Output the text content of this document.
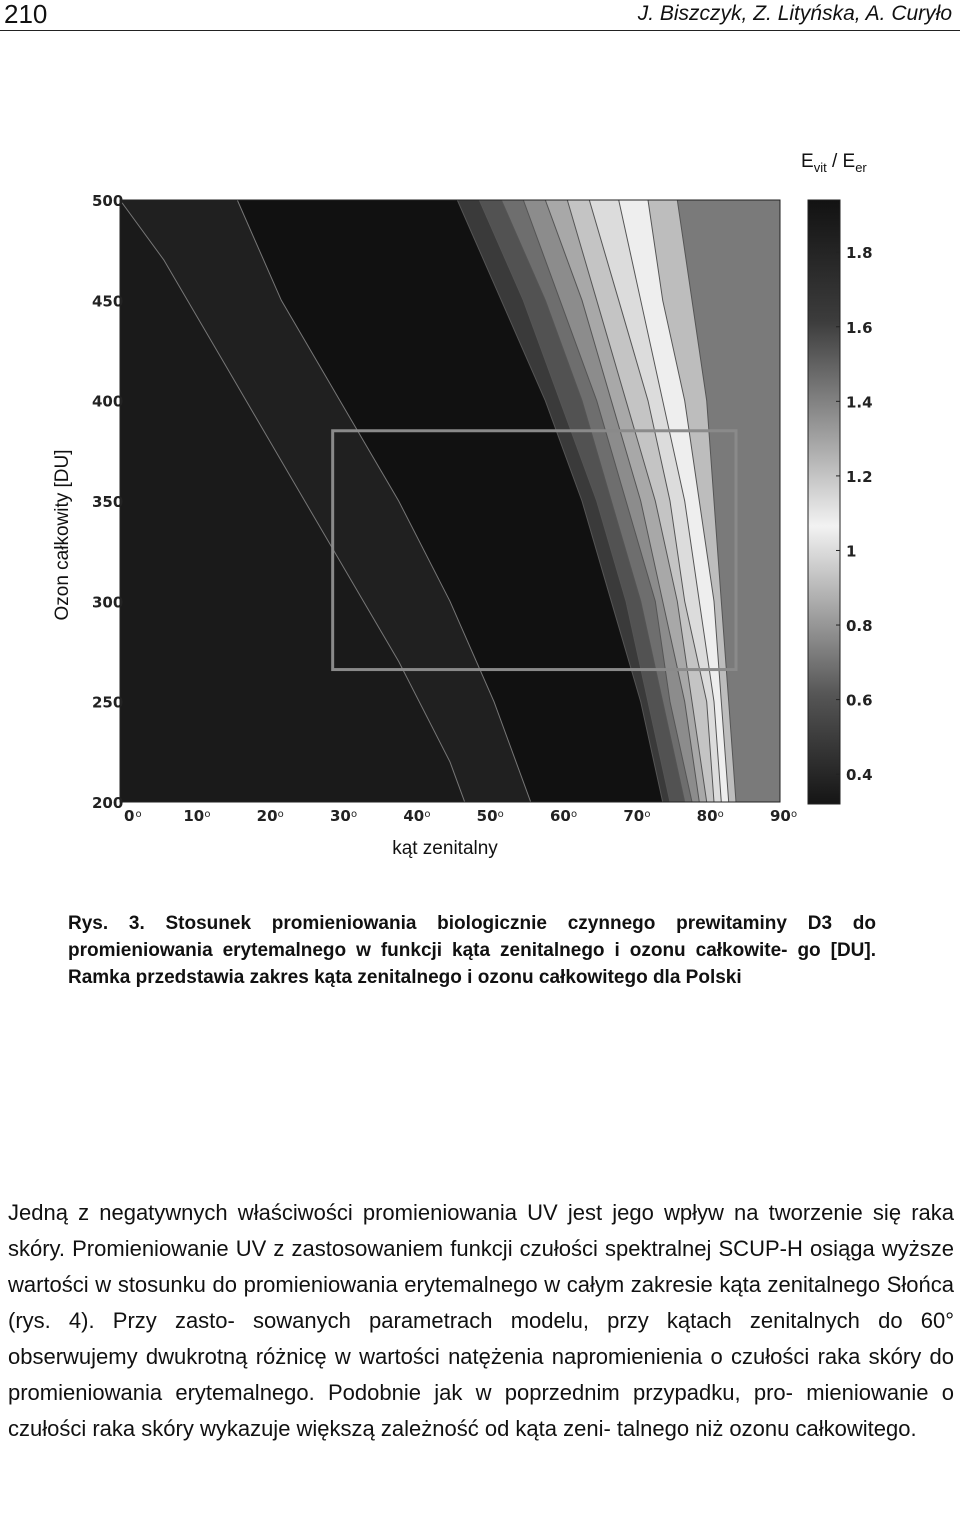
210	J. Biszczyk, Z. Lityńska, A. Curyło
200
250
300
350
400
450
500
0 o	10 o	20 o	30 o	40 o	50 o	60 o	70 o	80 o	90 o
0.4
0.6
0.8
1
1.2
1.4
1.6
1.8
$E_{vit} / E_{er}$
Ozon całkowity [DU]
kąt zenitalny
Rys. 3. Stosunek promieniowania biologicznie czynnego prewitaminy D3 do promieniowania erytemalnego w funkcji kąta zenitalnego i ozonu całkowite- go [DU]. Ramka przedstawia zakres kąta zenitalnego i ozonu całkowitego dla Polski
Jedną z negatywnych właściwości promieniowania UV jest jego wpływ na tworzenie się raka skóry. Promieniowanie UV z zastosowaniem funkcji czułości spektralnej SCUP-H osiąga wyższe wartości w stosunku do promieniowania erytemalnego w całym zakresie kąta zenitalnego Słońca (rys. 4). Przy zasto- sowanych parametrach modelu, przy kątach zenitalnych do 60° obserwujemy dwukrotną różnicę w wartości natężenia napromienienia o czułości raka skóry do promieniowania erytemalnego. Podobnie jak w poprzednim przypadku, pro- mieniowanie o czułości raka skóry wykazuje większą zależność od kąta zeni- talnego niż ozonu całkowitego.
